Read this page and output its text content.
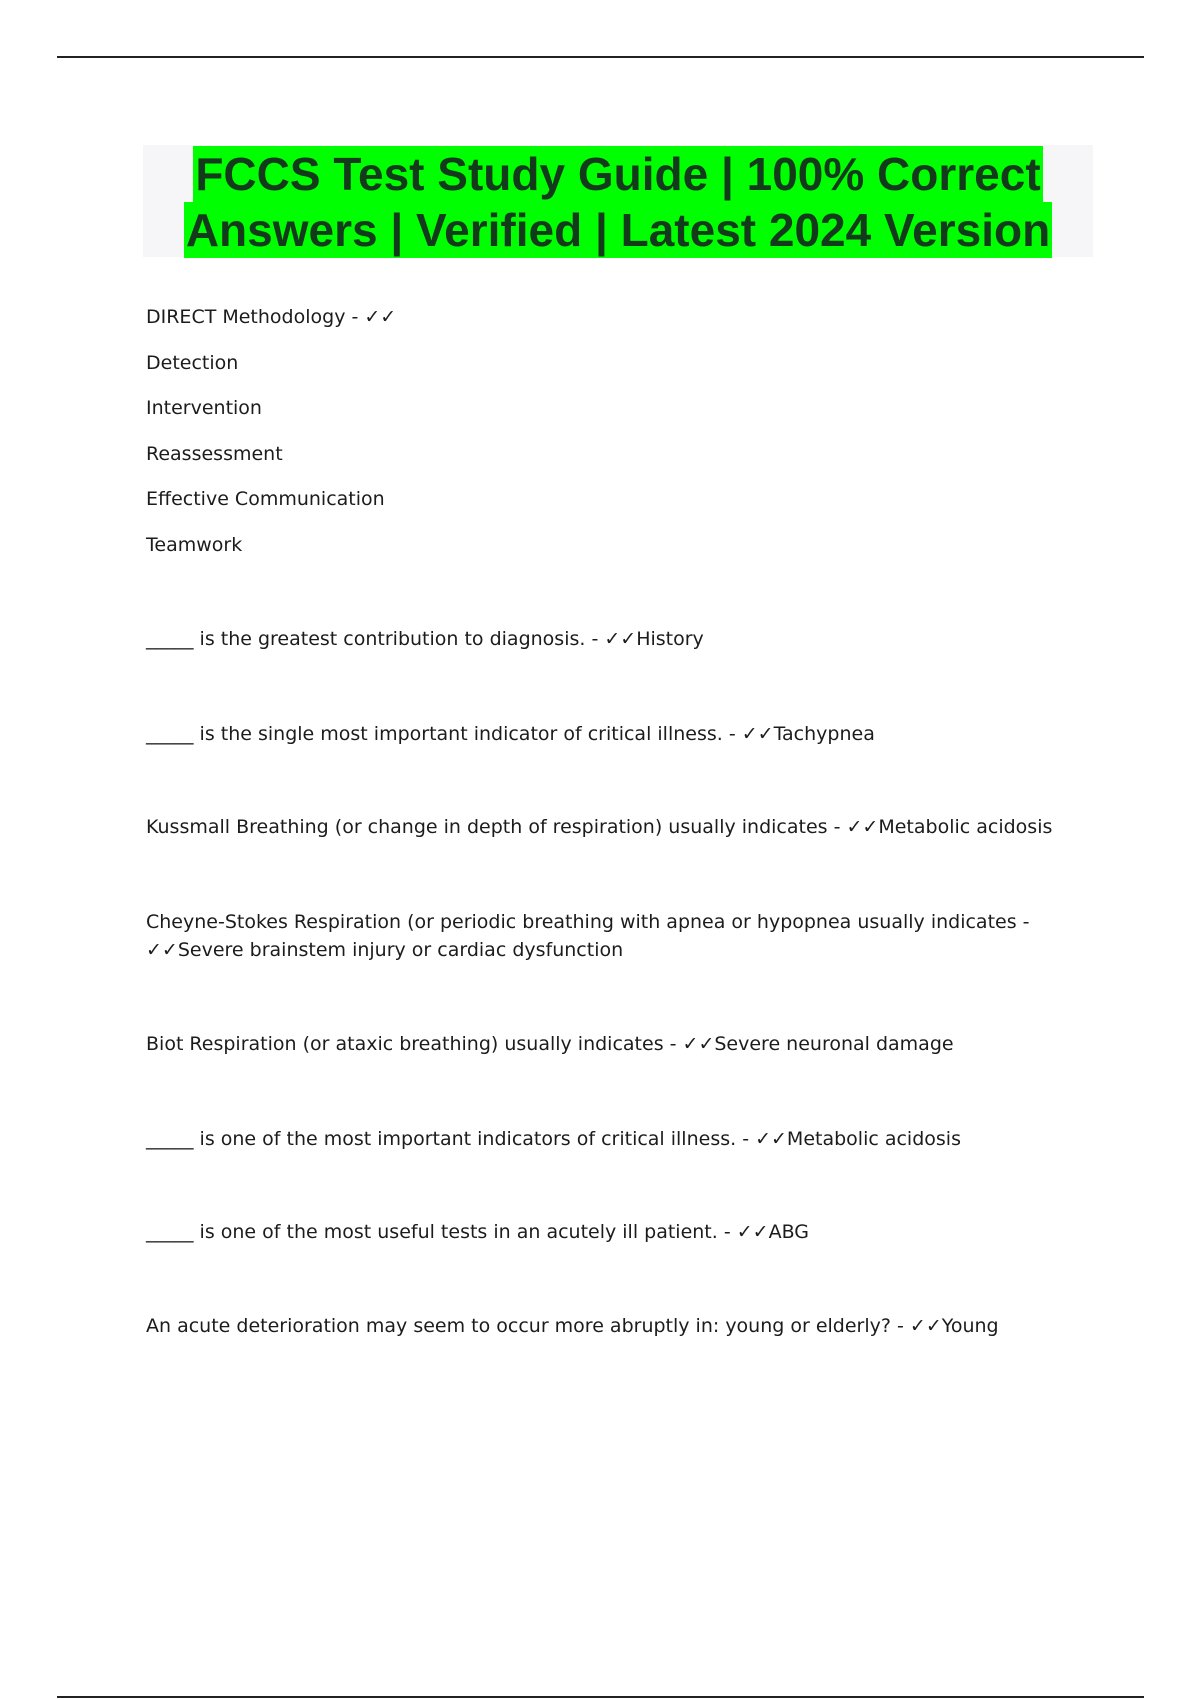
FCCS Test Study Guide | 100% Correct
Answers | Verified | Latest 2024 Version
DIRECT Methodology - ✓✓
Detection
Intervention
Reassessment
Effective Communication
Teamwork
_____ is the greatest contribution to diagnosis. - ✓✓History
_____ is the single most important indicator of critical illness. - ✓✓Tachypnea
Kussmall Breathing (or change in depth of respiration) usually indicates - ✓✓Metabolic acidosis
Cheyne-Stokes Respiration (or periodic breathing with apnea or hypopnea usually indicates - ✓✓Severe brainstem injury or cardiac dysfunction
Biot Respiration (or ataxic breathing) usually indicates - ✓✓Severe neuronal damage
_____ is one of the most important indicators of critical illness. - ✓✓Metabolic acidosis
_____ is one of the most useful tests in an acutely ill patient. - ✓✓ABG
An acute deterioration may seem to occur more abruptly in: young or elderly? - ✓✓Young
